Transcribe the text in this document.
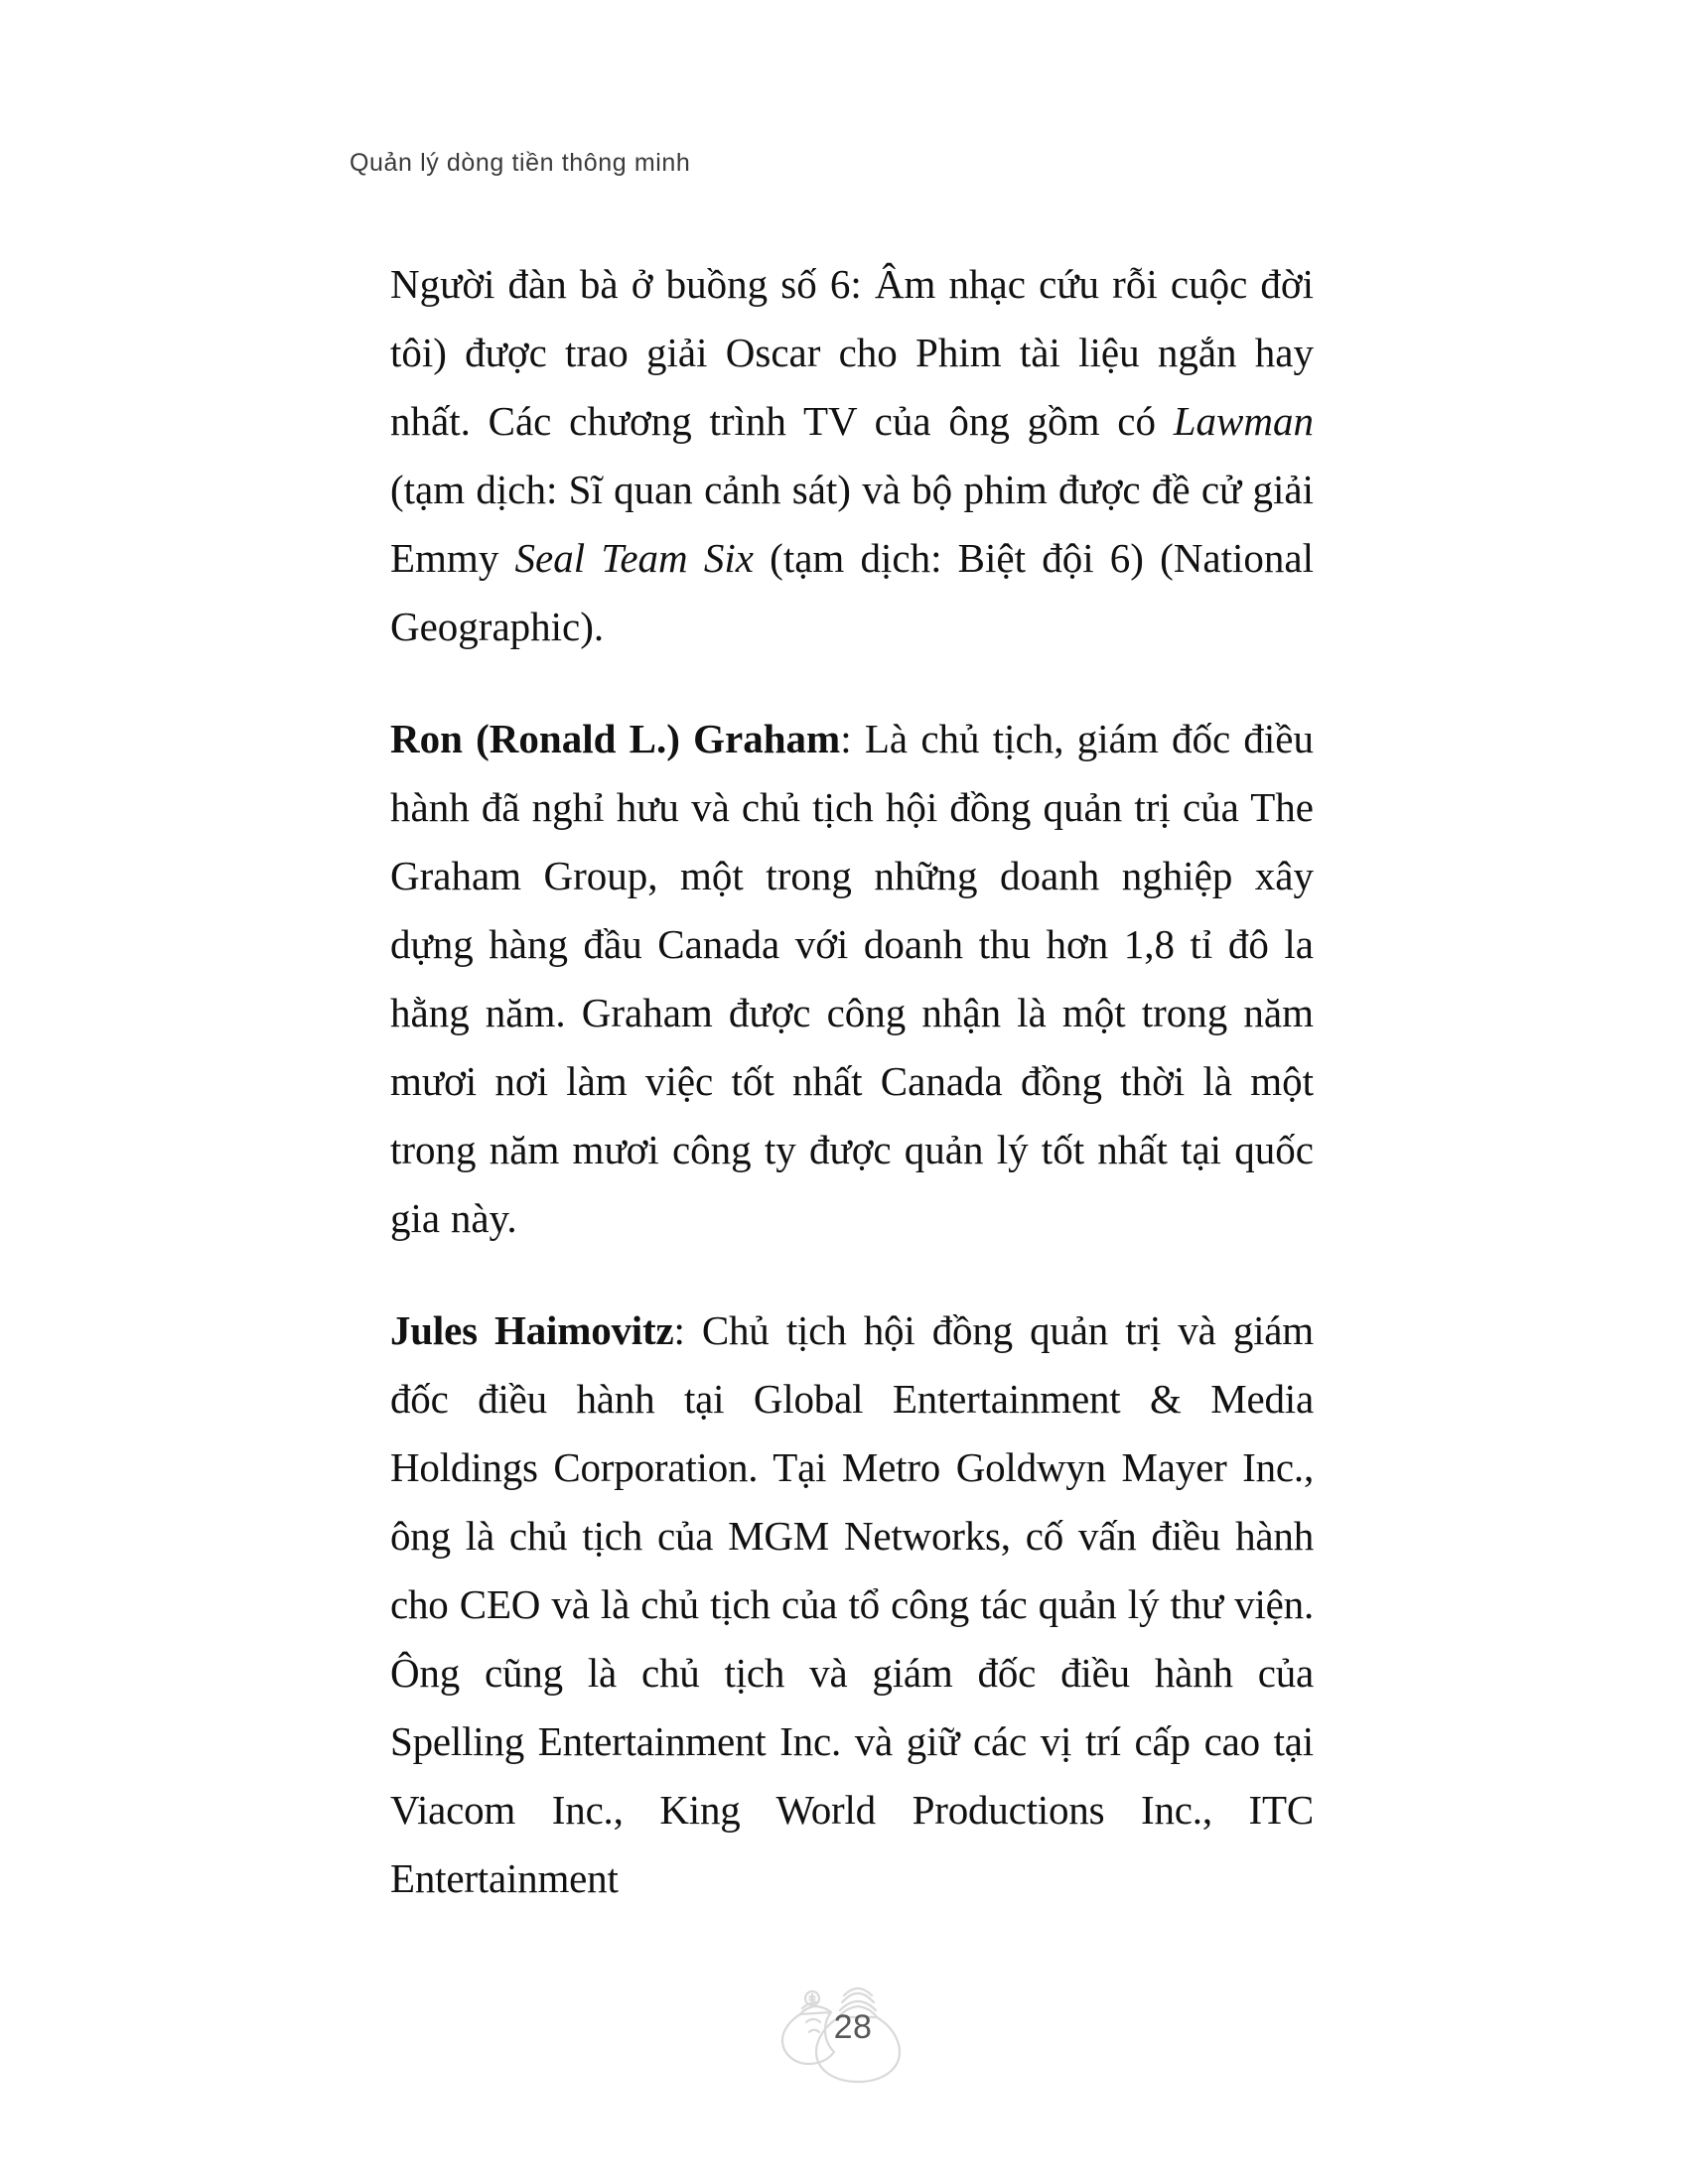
Quản lý dòng tiền thông minh

Người đàn bà ở buồng số 6: Âm nhạc cứu rỗi cuộc đời tôi) được trao giải Oscar cho Phim tài liệu ngắn hay nhất. Các chương trình TV của ông gồm có Lawman (tạm dịch: Sĩ quan cảnh sát) và bộ phim được đề cử giải Emmy Seal Team Six (tạm dịch: Biệt đội 6) (National Geographic).

Ron (Ronald L.) Graham: Là chủ tịch, giám đốc điều hành đã nghỉ hưu và chủ tịch hội đồng quản trị của The Graham Group, một trong những doanh nghiệp xây dựng hàng đầu Canada với doanh thu hơn 1,8 tỉ đô la hằng năm. Graham được công nhận là một trong năm mươi nơi làm việc tốt nhất Canada đồng thời là một trong năm mươi công ty được quản lý tốt nhất tại quốc gia này.

Jules Haimovitz: Chủ tịch hội đồng quản trị và giám đốc điều hành tại Global Entertainment & Media Holdings Corporation. Tại Metro Goldwyn Mayer Inc., ông là chủ tịch của MGM Networks, cố vấn điều hành cho CEO và là chủ tịch của tổ công tác quản lý thư viện. Ông cũng là chủ tịch và giám đốc điều hành của Spelling Entertainment Inc. và giữ các vị trí cấp cao tại Viacom Inc., King World Productions Inc., ITC Entertainment

28
